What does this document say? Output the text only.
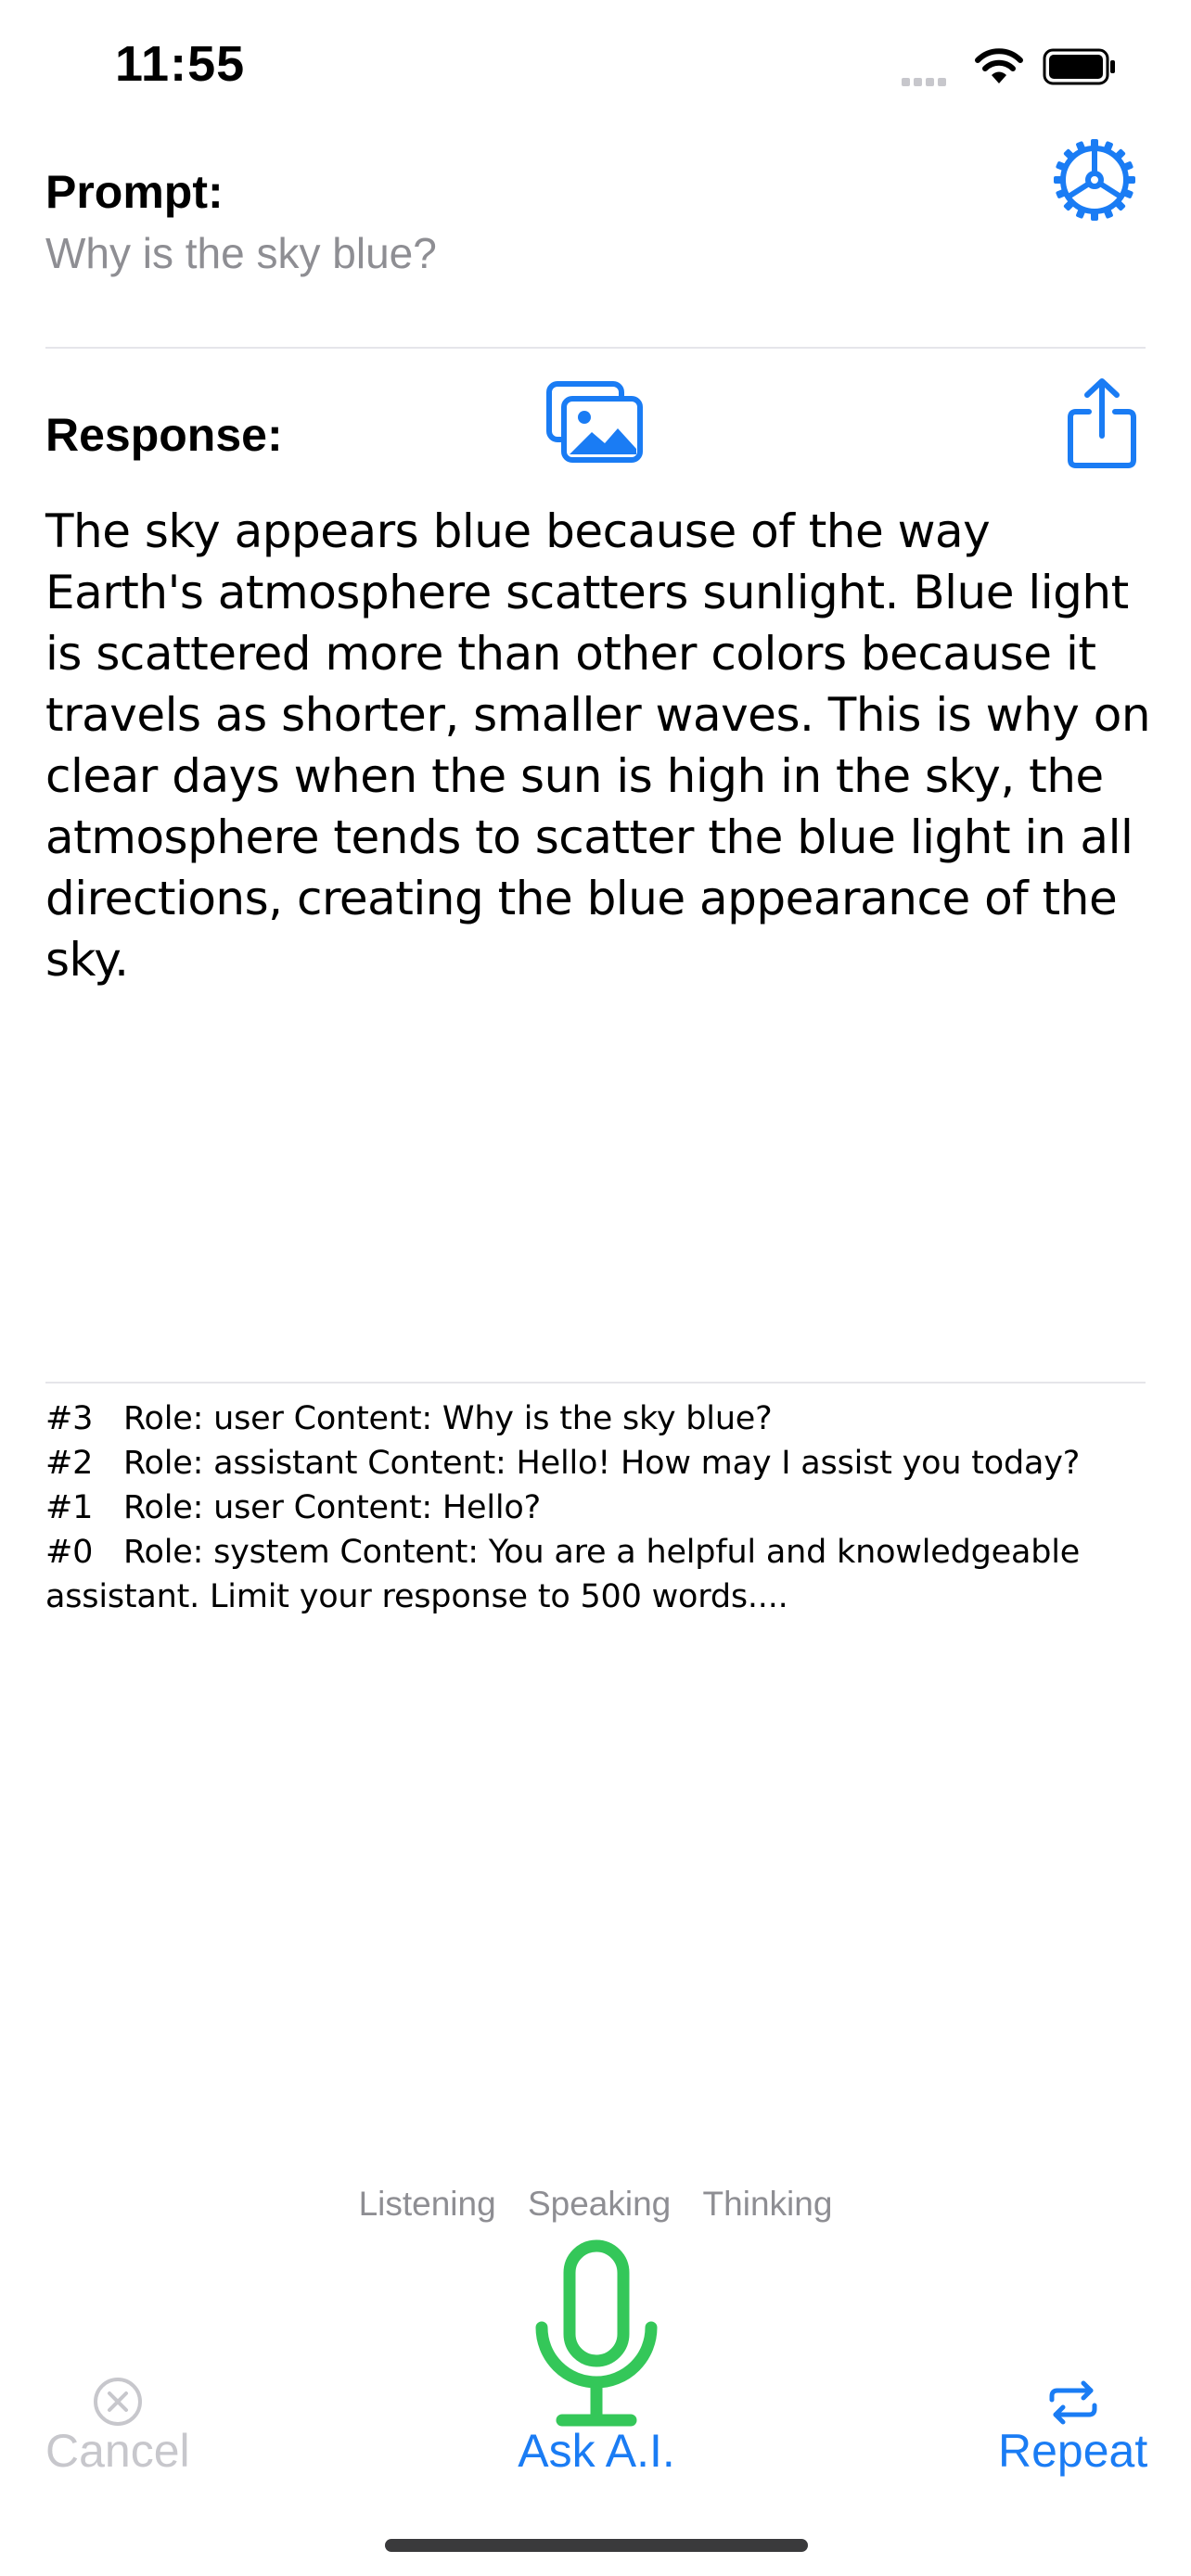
11:55
Prompt:
Why is the sky blue?
Response:
The sky appears blue because of the way Earth's atmosphere scatters sunlight. Blue light is scattered more than other colors because it travels as shorter, smaller waves. This is why on clear days when the sun is high in the sky, the atmosphere tends to scatter the blue light in all directions, creating the blue appearance of the sky.
#3 Role: user Content: Why is the sky blue?
#2 Role: assistant Content: Hello! How may I assist you today?
#1 Role: user Content: Hello?
#0 Role: system Content: You are a helpful and knowledgeable assistant. Limit your response to 500 words....
Listening Speaking Thinking
Cancel	Ask A.I.	Repeat
